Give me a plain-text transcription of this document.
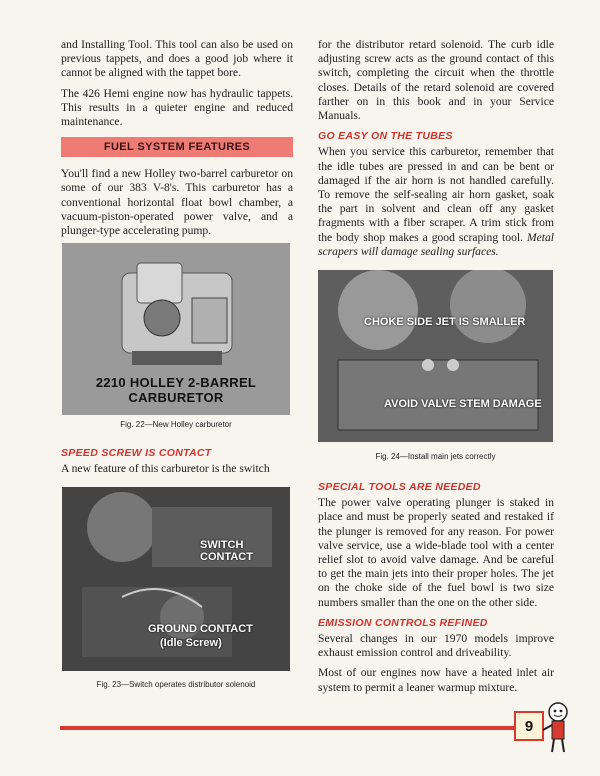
and Installing Tool. This tool can also be used on previous tappets, and does a good job where it cannot be aligned with the tappet bore.

The 426 Hemi engine now has hydraulic tappets. This results in a quieter engine and reduced maintenance.

FUEL SYSTEM FEATURES

You'll find a new Holley two-barrel carburetor on some of our 383 V-8's. This carburetor has a conventional horizontal float bowl chamber, a vacuum-piston-operated power valve, and a plunger-type accelerating pump.

2210 HOLLEY 2-BARREL CARBURETOR
Fig. 22—New Holley carburetor
SPEED SCREW IS CONTACT

A new feature of this carburetor is the switch

SWITCH CONTACT
GROUND CONTACT
(Idle Screw)
Fig. 23—Switch operates distributor solenoid

for the distributor retard solenoid. The curb idle adjusting screw acts as the ground contact of this switch, completing the circuit when the throttle closes. Details of the retard solenoid are covered farther on in this book and in your Service Manuals.

GO EASY ON THE TUBES

When you service this carburetor, remember that the idle tubes are pressed in and can be bent or damaged if the air horn is not handled carefully. To remove the self-sealing air horn gasket, soak the part in solvent and clean off any gasket fragments with a fiber scraper. A trim stick from the body shop makes a good scraping tool. Metal scrapers will damage sealing surfaces.

CHOKE SIDE JET IS SMALLER
AVOID VALVE STEM DAMAGE
Fig. 24—Install main jets correctly
SPECIAL TOOLS ARE NEEDED

The power valve operating plunger is staked in place and must be properly seated and restaked if the plunger is removed for any reason. For power valve service, use a wide-blade tool with a center relief slot to avoid valve damage. And be careful to get the main jets into their proper holes. The jet on the choke side of the fuel bowl is two size numbers smaller than the one on the other side.

EMISSION CONTROLS REFINED

Several changes in our 1970 models improve exhaust emission control and driveability.

Most of our engines now have a heated inlet air system to permit a leaner warmup mixture.

9
